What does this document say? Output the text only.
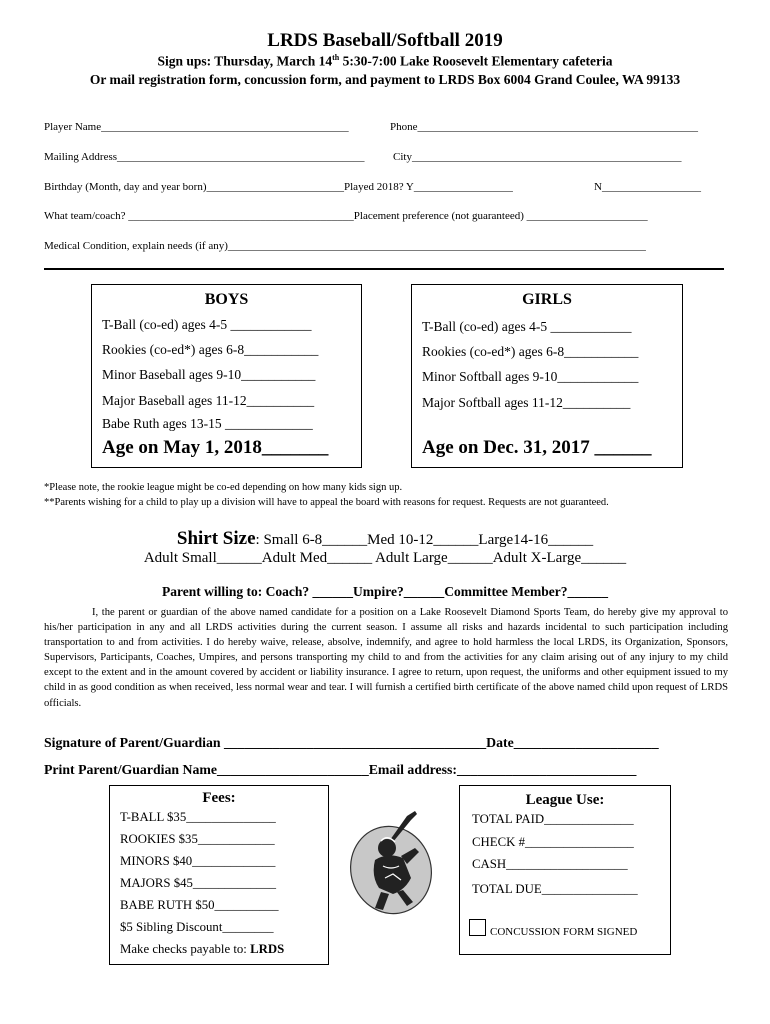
LRDS Baseball/Softball 2019
Sign ups: Thursday, March 14th 5:30-7:00 Lake Roosevelt Elementary cafeteria
Or mail registration form, concussion form, and payment to LRDS Box 6004 Grand Coulee, WA 99133
Player Name_____________________________________________	Phone___________________________________________________
Mailing Address_____________________________________________	City_________________________________________________
Birthday (Month, day and year born)_________________________Played 2018? Y__________________	N__________________
What team/coach? _________________________________________Placement preference (not guaranteed) ______________________
Medical Condition, explain needs (if any)____________________________________________________________________________
BOYS
T-Ball (co-ed) ages 4-5 ____________
Rookies (co-ed*) ages 6-8___________
Minor Baseball ages 9-10___________
Major Baseball ages 11-12__________
Babe Ruth ages 13-15 _____________
Age on May 1, 2018_______
GIRLS
T-Ball (co-ed) ages 4-5 ____________
Rookies (co-ed*) ages 6-8___________
Minor Softball ages 9-10____________
Major Softball ages 11-12__________
Age on Dec. 31, 2017 ______
*Please note, the rookie league might be co-ed depending on how many kids sign up.
**Parents wishing for a child to play up a division will have to appeal the board with reasons for request. Requests are not guaranteed.
Shirt Size: Small 6-8______Med 10-12______Large14-16______
Adult Small______Adult Med______ Adult Large______Adult X-Large______
Parent willing to: Coach? ______Umpire?______Committee Member?______
I, the parent or guardian of the above named candidate for a position on a Lake Roosevelt Diamond Sports Team, do hereby give my approval to his/her participation in any and all LRDS activities during the current season. I assume all risks and hazards incidental to such participation including transportation to and from activities. I do hereby waive, release, absolve, indemnify, and agree to hold harmless the local LRDS, its Organization, Sponsors, Supervisors, Participants, Coaches, Umpires, and persons transporting my child to and from the activities for any claim arising out of any injury to my child except to the extent and in the amount covered by accident or liability insurance. I agree to return, upon request, the uniforms and other equipment issued to my child in as good condition as when received, less normal wear and tear. I will furnish a certified birth certificate of the above named child upon request of LRDS officials.
Signature of Parent/Guardian ______________________________________Date_____________________
Print Parent/Guardian Name______________________Email address:__________________________
Fees:
T-BALL $35______________
ROOKIES $35____________
MINORS $40_____________
MAJORS $45_____________
BABE RUTH $50__________
$5 Sibling Discount________
Make checks payable to: LRDS
League Use:
TOTAL PAID______________
CHECK #_________________
CASH___________________
TOTAL DUE_______________
CONCUSSION FORM SIGNED
